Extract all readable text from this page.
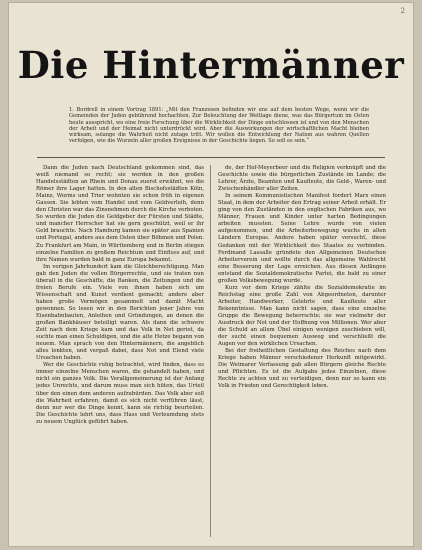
2
Die Hintermänner
1. Bordrell in einem Vortrag 1891: „Mit den Franzosen befinden wir uns auf dem besten Wege, wenn wir die Gemeinden der Juden gebührend hochachten. Zur Beleuchtung der Weltlage diene, was das Bürgertum im Osten heute ausspricht, wo eine freie Forschung über die Wirklichkeit der Dinge entschlossen ist und von den Menschen der Arbeit und der Heimat nicht unterdrückt wird. Aber die Auswirkungen der wirtschaftlichen Macht bleiben wirksam, solange die Wahrheit nicht zutage tritt. Wir wollen die Entwicklung der Nation aus wahren Quellen verfolgen, wie die Wurzeln aller großen Ereignisse in der Geschichte liegen. So soll es sein.“

Dann die Juden nach Deutschland gekommen sind, das weiß niemand so recht; sie werden in den großen Handelsstädten an Rhein und Donau zuerst erwähnt, wo die Römer ihre Lager hatten. In den alten Bischofsstädten Köln, Mainz, Worms und Trier wohnten sie schon früh in eigenen Gassen. Sie lebten vom Handel und vom Geldverleih, denn den Christen war das Zinsnehmen durch die Kirche verboten. So wurden die Juden die Geldgeber der Fürsten und Städte, und mancher Herrscher hat sie gern geschützt, weil er ihr Geld brauchte. Nach Hamburg kamen sie später aus Spanien und Portugal, andere aus dem Osten über Böhmen und Polen. Zu Frankfurt am Main, in Württemberg und in Berlin stiegen einzelne Familien zu großem Reichtum und Einfluss auf, und ihre Namen wurden bald in ganz Europa bekannt.

Im vorigen Jahrhundert kam die Gleichberechtigung. Man gab den Juden die vollen Bürgerrechte, und sie traten nun überall in die Geschäfte, die Banken, die Zeitungen und die freien Berufe ein. Viele von ihnen haben sich um Wissenschaft und Kunst verdient gemacht; andere aber haben große Vermögen gesammelt und damit Macht gewonnen. So lesen wir in den Berichten jener Jahre von Eisenbahnbauten, Anleihen und Gründungen, an denen die großen Bankhäuser beteiligt waren. Als dann die schwere Zeit nach dem Kriege kam und das Volk in Not geriet, da suchte man einen Schuldigen, und die alte Hetze begann von neuem. Man sprach von den Hintermännern, die angeblich alles lenkten, und vergaß dabei, dass Not und Elend viele Ursachen haben.

Wer die Geschichte ruhig betrachtet, wird finden, dass es immer einzelne Menschen waren, die gehandelt haben, und nicht ein ganzes Volk. Die Verallgemeinerung ist der Anfang jedes Unrechts, und darum muss man sich hüten, das Urteil über den einen dem anderen aufzubürden. Das Volk aber soll die Wahrheit erfahren, damit es sich nicht verführen lässt, denn nur wer die Dinge kennt, kann sie richtig beurteilen. Die Geschichte lehrt uns, dass Hass und Verleumdung stets zu neuem Unglück geführt haben.

de, der Hof-Meyerbeer und die Religion verknüpft und die Geschichte sowie die bürgerlichen Zustände im Lande; die Lehrer, Ärzte, Beamten und Kaufleute, die Geld-, Waren- und Zwischenhändler aller Zeiten.

In seinem Kommunistischen Manifest fordert Marx einen Staat, in dem der Arbeiter den Ertrag seiner Arbeit erhält. Er ging von den Zuständen in den englischen Fabriken aus, wo Männer, Frauen und Kinder unter harten Bedingungen arbeiten mussten. Seine Lehre wurde von vielen aufgenommen, und die Arbeiterbewegung wuchs in allen Ländern Europas. Andere haben später versucht, diese Gedanken mit der Wirklichkeit des Staates zu verbinden. Ferdinand Lassalle gründete den Allgemeinen Deutschen Arbeiterverein und wollte durch das allgemeine Wahlrecht eine Besserung der Lage erreichen. Aus diesen Anfängen entstand die Sozialdemokratische Partei, die bald zu einer großen Volksbewegung wurde.

Kurz vor dem Kriege zählte die Sozialdemokratie im Reichstag eine große Zahl von Abgeordneten, darunter Arbeiter, Handwerker, Gelehrte und Kaufleute aller Bekenntnisse. Man kann nicht sagen, dass eine einzelne Gruppe die Bewegung beherrschte; sie war vielmehr der Ausdruck der Not und der Hoffnung von Millionen. Wer aber die Schuld an allem Übel einigen wenigen zuschieben will, der sucht einen bequemen Ausweg und verschließt die Augen vor den wirklichen Ursachen.

Bei der freiheitlichen Gestaltung des Reiches nach dem Kriege haben Männer verschiedener Herkunft mitgewirkt. Die Weimarer Verfassung gab allen Bürgern gleiche Rechte und Pflichten. Es ist die Aufgabe jedes Einzelnen, diese Rechte zu achten und zu verteidigen, denn nur so kann ein Volk in Frieden und Gerechtigkeit leben.
